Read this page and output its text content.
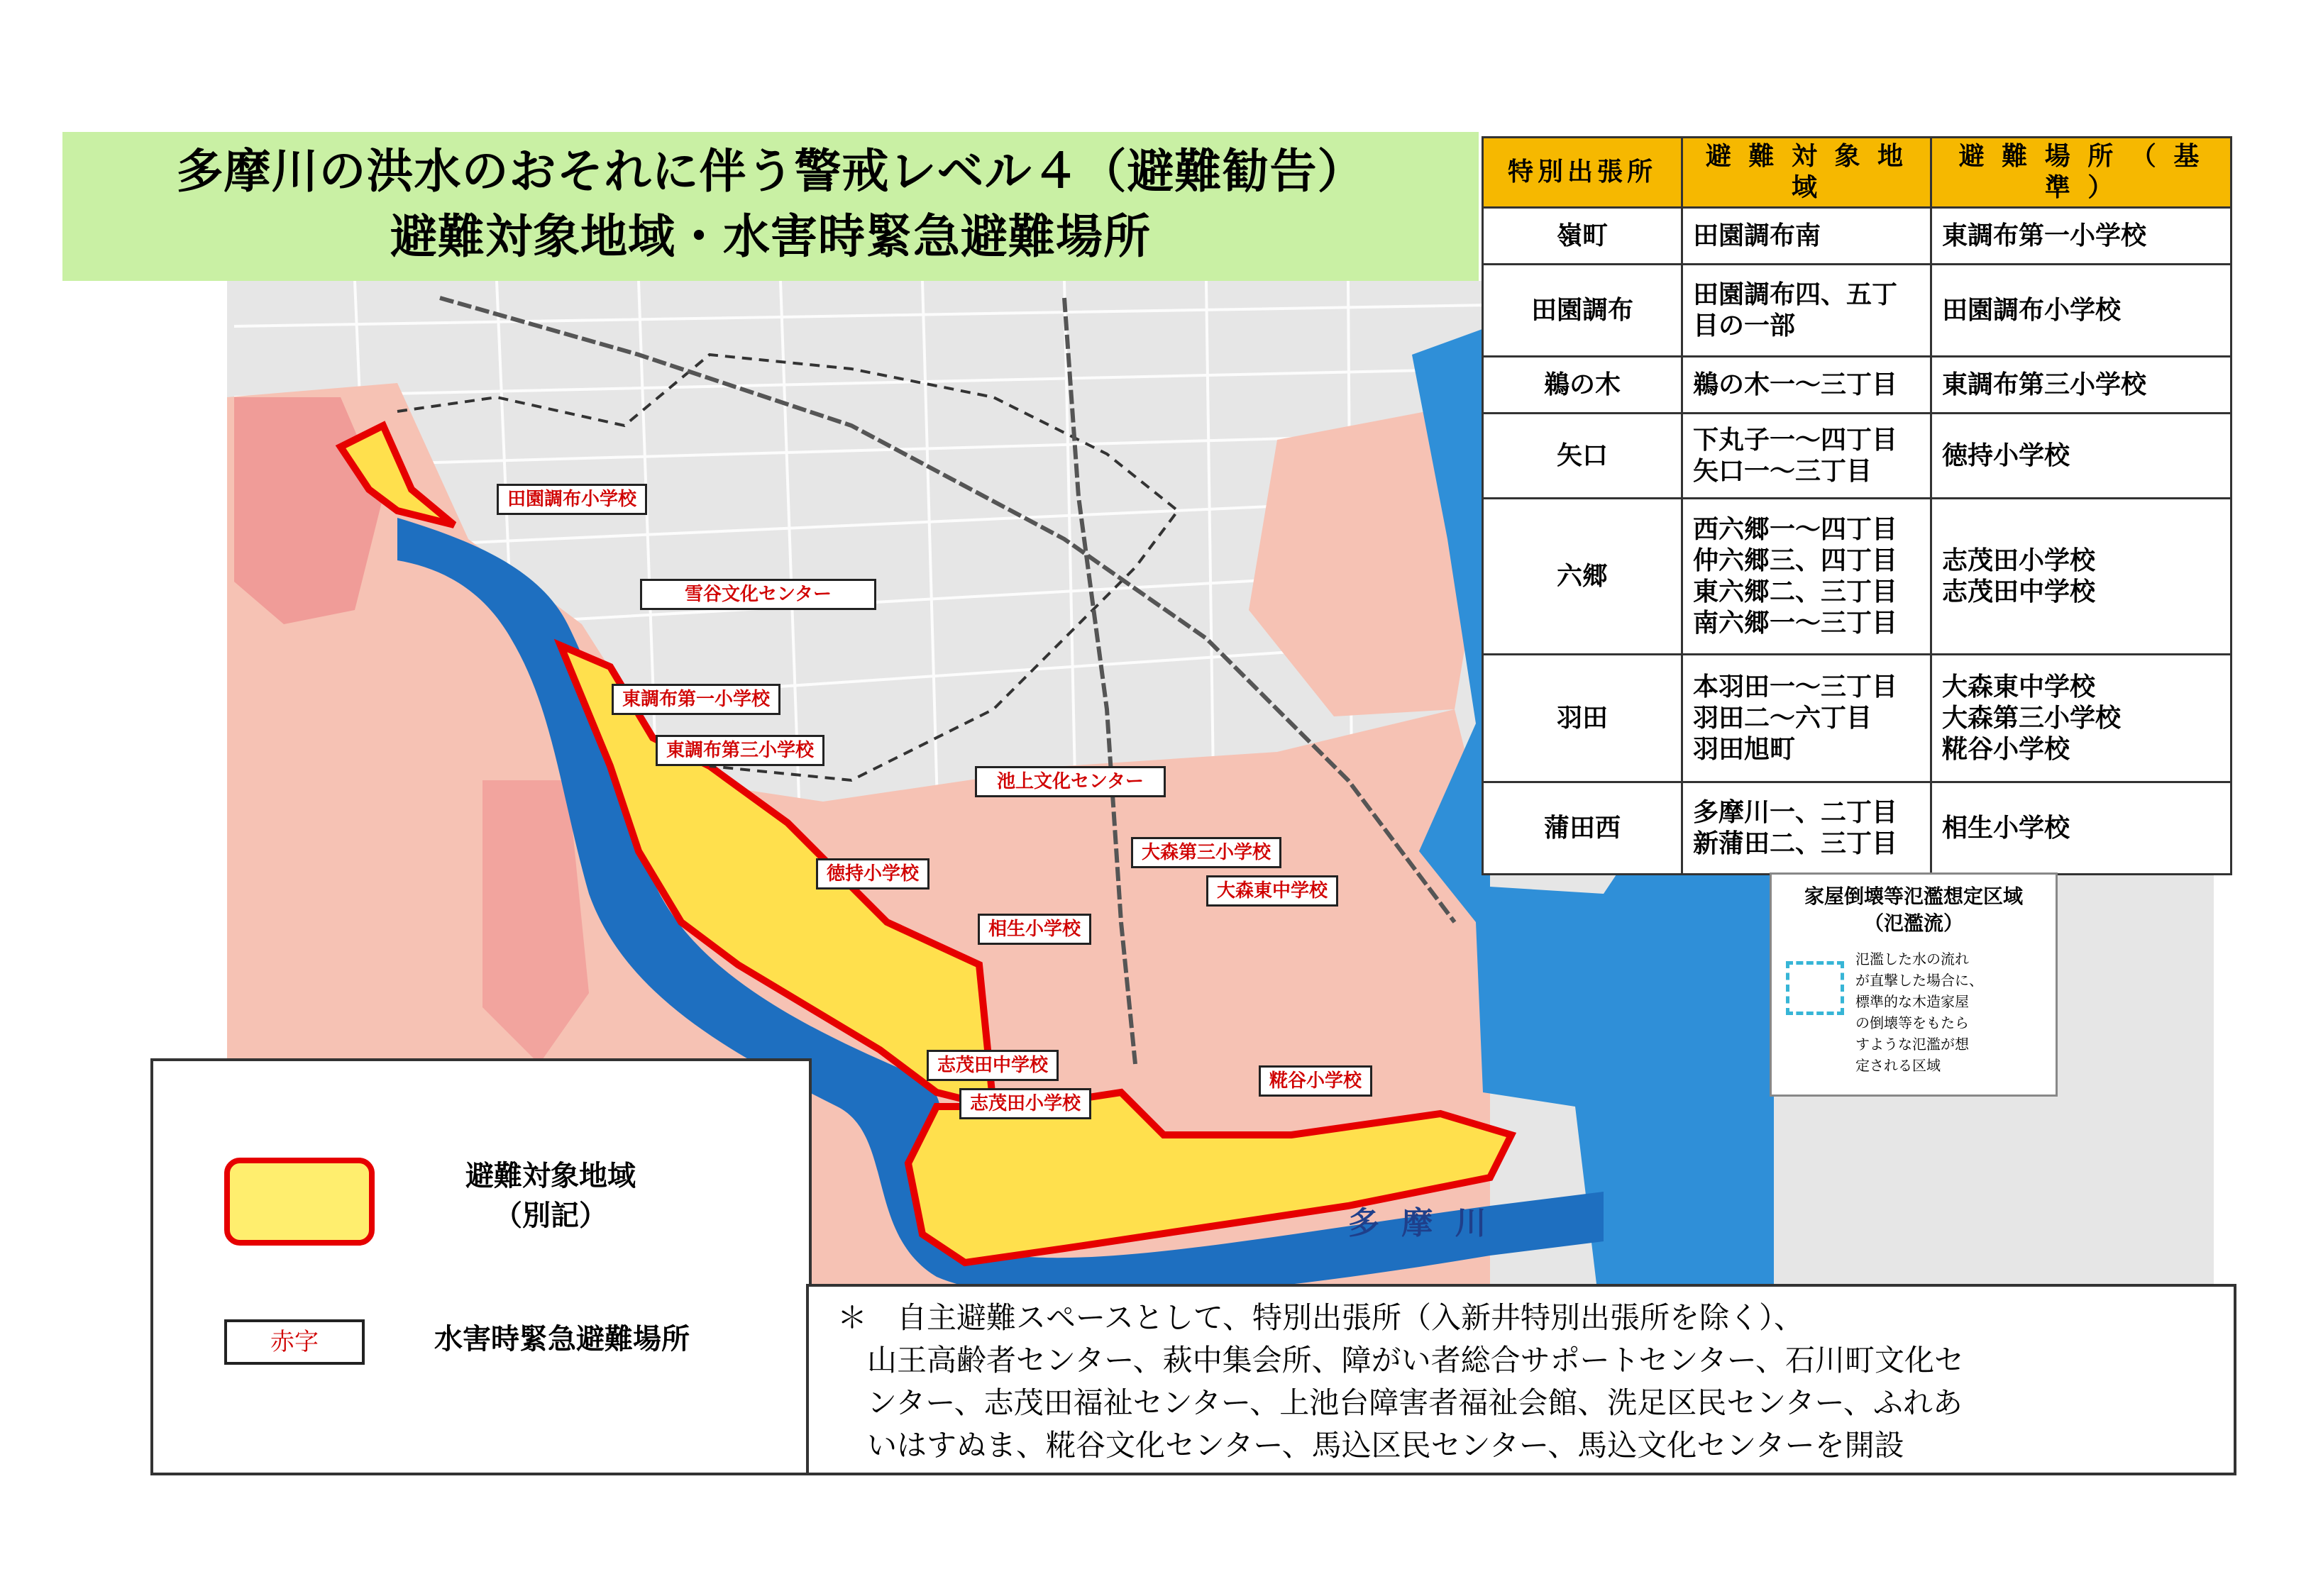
多 摩 川
多摩川の洪水のおそれに伴う警戒レベル４（避難勧告）
避難対象地域・水害時緊急避難場所
特別出張所	避 難 対 象 地 域	避 難 場 所 （ 基 準 ）
嶺町	田園調布南	東調布第一小学校
田園調布	田園調布四、五丁
目の一部	田園調布小学校
鵜の木	鵜の木一～三丁目	東調布第三小学校
矢口	下丸子一～四丁目
矢口一～三丁目	徳持小学校
六郷	西六郷一～四丁目
仲六郷三、四丁目
東六郷二、三丁目
南六郷一～三丁目	志茂田小学校
志茂田中学校
羽田	本羽田一～三丁目
羽田二～六丁目
羽田旭町	大森東中学校
大森第三小学校
糀谷小学校
蒲田西	多摩川一、二丁目
新蒲田二、三丁目	相生小学校
田園調布小学校
雪谷文化センター
東調布第一小学校
東調布第三小学校
池上文化センター
徳持小学校
大森第三小学校
大森東中学校
相生小学校
志茂田中学校
志茂田小学校
糀谷小学校
家屋倒壊等氾濫想定区域
（氾濫流）
氾濫した水の流れ
が直撃した場合に、
標準的な木造家屋
の倒壊等をもたら
すような氾濫が想
定される区域
避難対象地域
（別記）
赤字	水害時緊急避難場所
＊　自主避難スペースとして、特別出張所（入新井特別出張所を除く）、
　山王高齢者センター、萩中集会所、障がい者総合サポートセンター、石川町文化セ
　ンター、志茂田福祉センター、上池台障害者福祉会館、洗足区民センター、ふれあ
　いはすぬま、糀谷文化センター、馬込区民センター、馬込文化センターを開設
